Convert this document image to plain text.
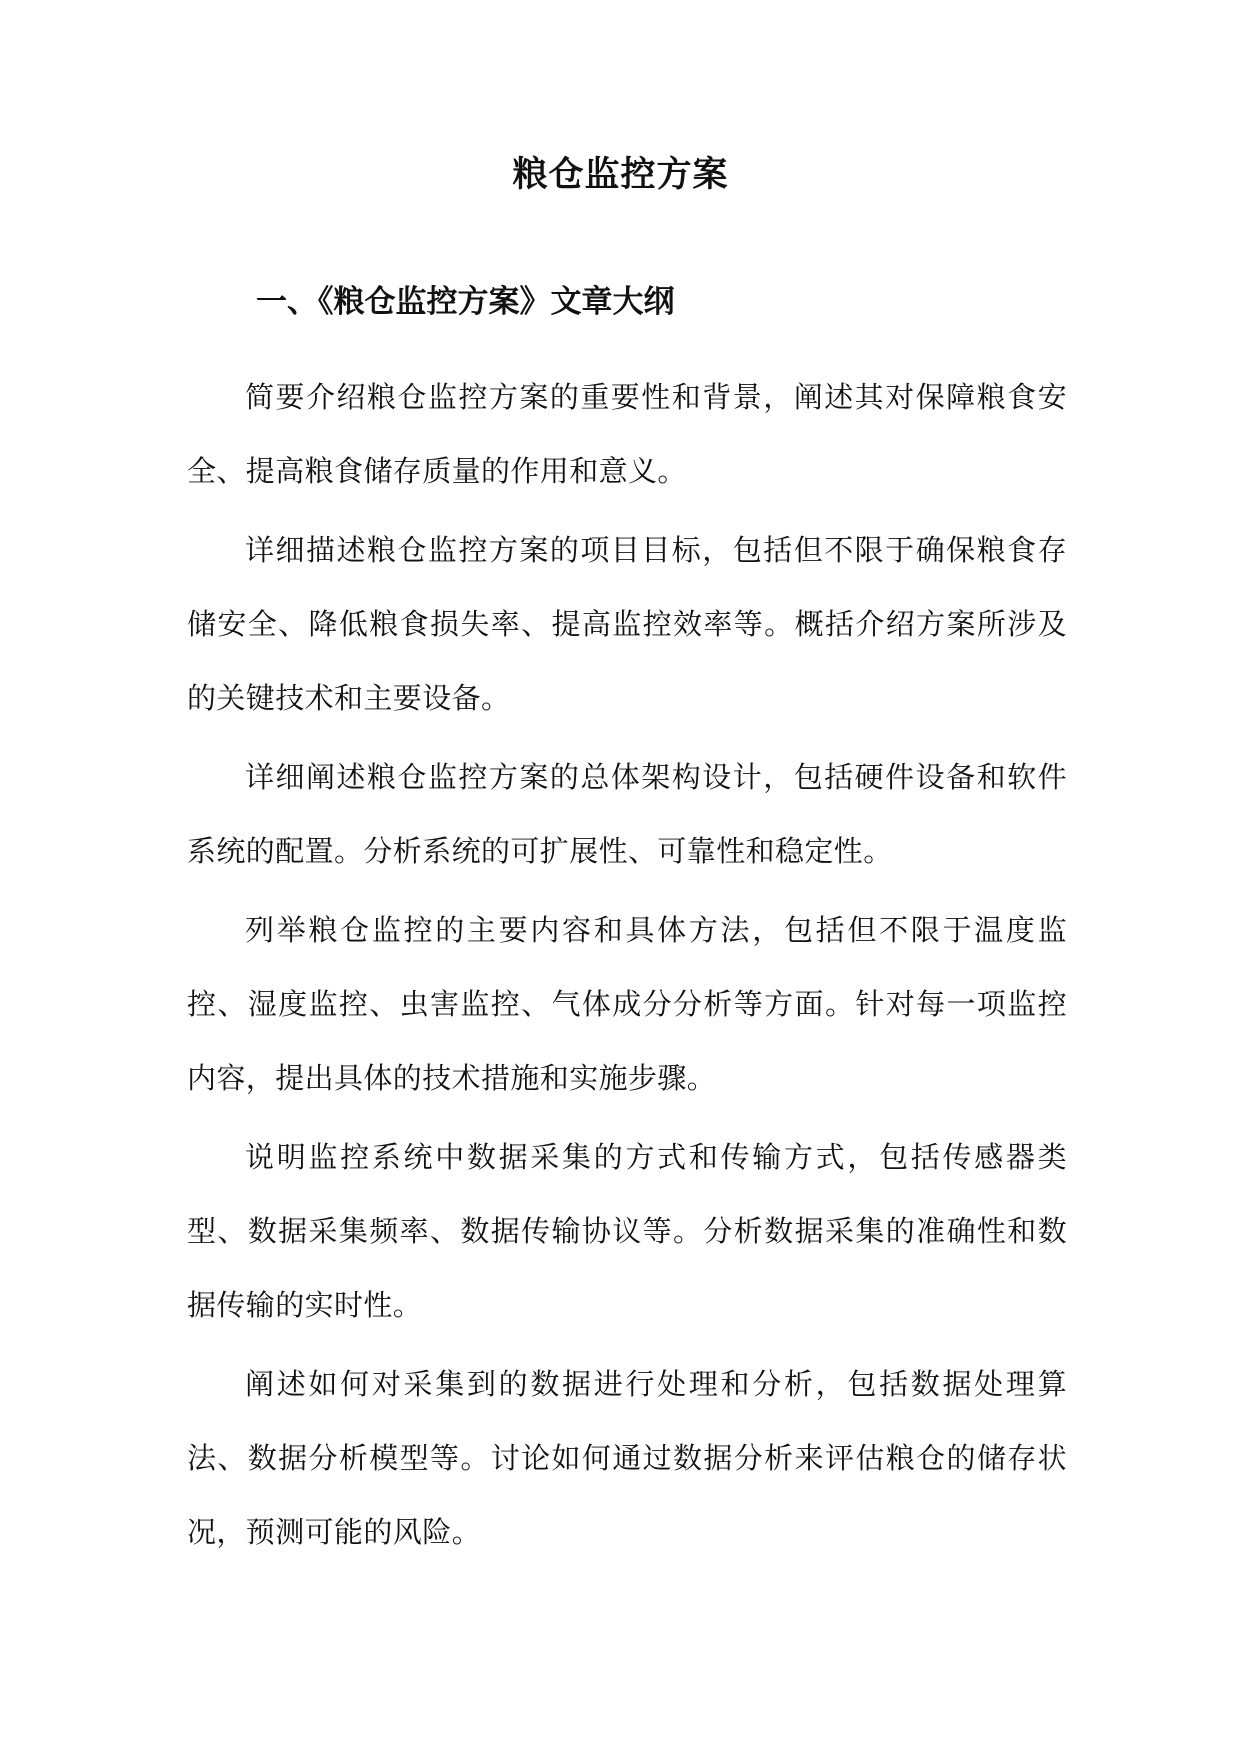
粮仓监控方案
一、《粮仓监控方案》文章大纲

简要介绍粮仓监控方案的重要性和背景，阐述其对保障粮食安全、提高粮食储存质量的作用和意义。

详细描述粮仓监控方案的项目目标，包括但不限于确保粮食存储安全、降低粮食损失率、提高监控效率等。概括介绍方案所涉及的关键技术和主要设备。

详细阐述粮仓监控方案的总体架构设计，包括硬件设备和软件系统的配置。分析系统的可扩展性、可靠性和稳定性。

列举粮仓监控的主要内容和具体方法，包括但不限于温度监控、湿度监控、虫害监控、气体成分分析等方面。针对每一项监控内容，提出具体的技术措施和实施步骤。

说明监控系统中数据采集的方式和传输方式，包括传感器类型、数据采集频率、数据传输协议等。分析数据采集的准确性和数据传输的实时性。

阐述如何对采集到的数据进行处理和分析，包括数据处理算法、数据分析模型等。讨论如何通过数据分析来评估粮仓的储存状况，预测可能的风险。
